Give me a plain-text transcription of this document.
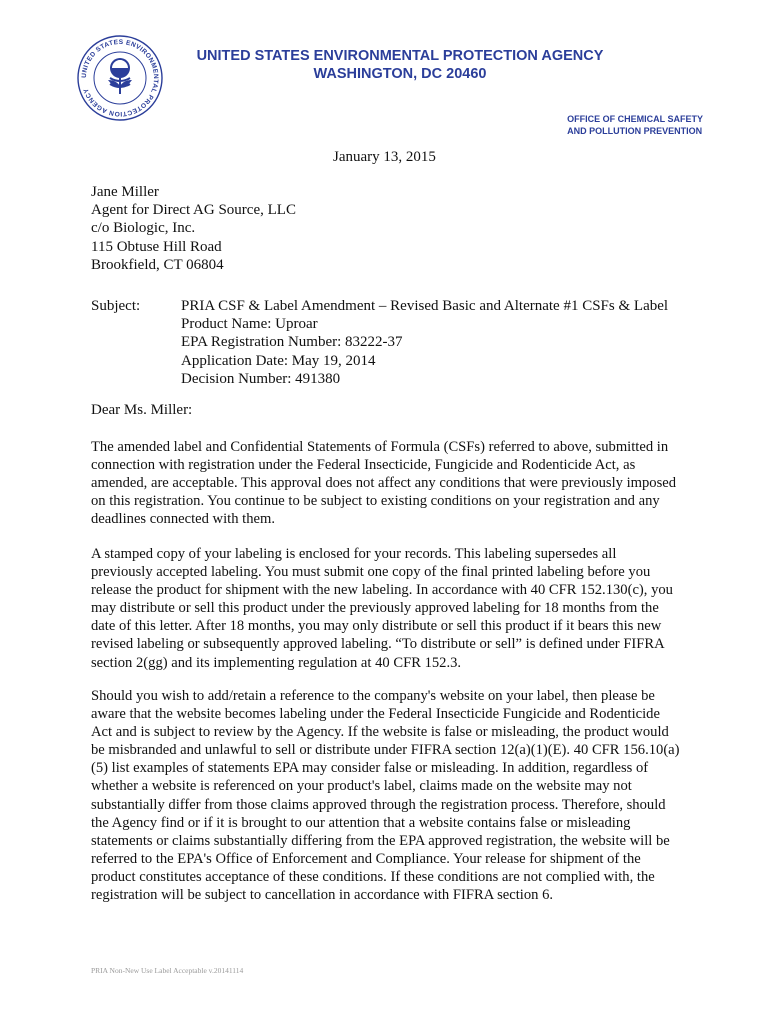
UNITED STATES ENVIRONMENTAL PROTECTION AGENCY
UNITED STATES ENVIRONMENTAL PROTECTION AGENCY
WASHINGTON, DC 20460
OFFICE OF CHEMICAL SAFETY
AND POLLUTION PREVENTION
January 13, 2015
Jane Miller
Agent for Direct AG Source, LLC
c/o Biologic, Inc.
115 Obtuse Hill Road
Brookfield, CT 06804
Subject:	PRIA CSF & Label Amendment – Revised Basic and Alternate #1 CSFs & Label
Product Name: Uproar
EPA Registration Number: 83222-37
Application Date: May 19, 2014
Decision Number: 491380
Dear Ms. Miller:

The amended label and Confidential Statements of Formula (CSFs) referred to above, submitted in connection with registration under the Federal Insecticide, Fungicide and Rodenticide Act, as amended, are acceptable. This approval does not affect any conditions that were previously imposed on this registration. You continue to be subject to existing conditions on your registration and any deadlines connected with them.

A stamped copy of your labeling is enclosed for your records. This labeling supersedes all previously accepted labeling. You must submit one copy of the final printed labeling before you release the product for shipment with the new labeling. In accordance with 40 CFR 152.130(c), you may distribute or sell this product under the previously approved labeling for 18 months from the date of this letter. After 18 months, you may only distribute or sell this product if it bears this new revised labeling or subsequently approved labeling. “To distribute or sell” is defined under FIFRA section 2(gg) and its implementing regulation at 40 CFR 152.3.

Should you wish to add/retain a reference to the company's website on your label, then please be aware that the website becomes labeling under the Federal Insecticide Fungicide and Rodenticide Act and is subject to review by the Agency. If the website is false or misleading, the product would be misbranded and unlawful to sell or distribute under FIFRA section 12(a)(1)(E). 40 CFR 156.10(a)(5) list examples of statements EPA may consider false or misleading. In addition, regardless of whether a website is referenced on your product's label, claims made on the website may not substantially differ from those claims approved through the registration process. Therefore, should the Agency find or if it is brought to our attention that a website contains false or misleading statements or claims substantially differing from the EPA approved registration, the website will be referred to the EPA's Office of Enforcement and Compliance. Your release for shipment of the product constitutes acceptance of these conditions. If these conditions are not complied with, the registration will be subject to cancellation in accordance with FIFRA section 6.

PRIA Non-New Use Label Acceptable v.20141114
